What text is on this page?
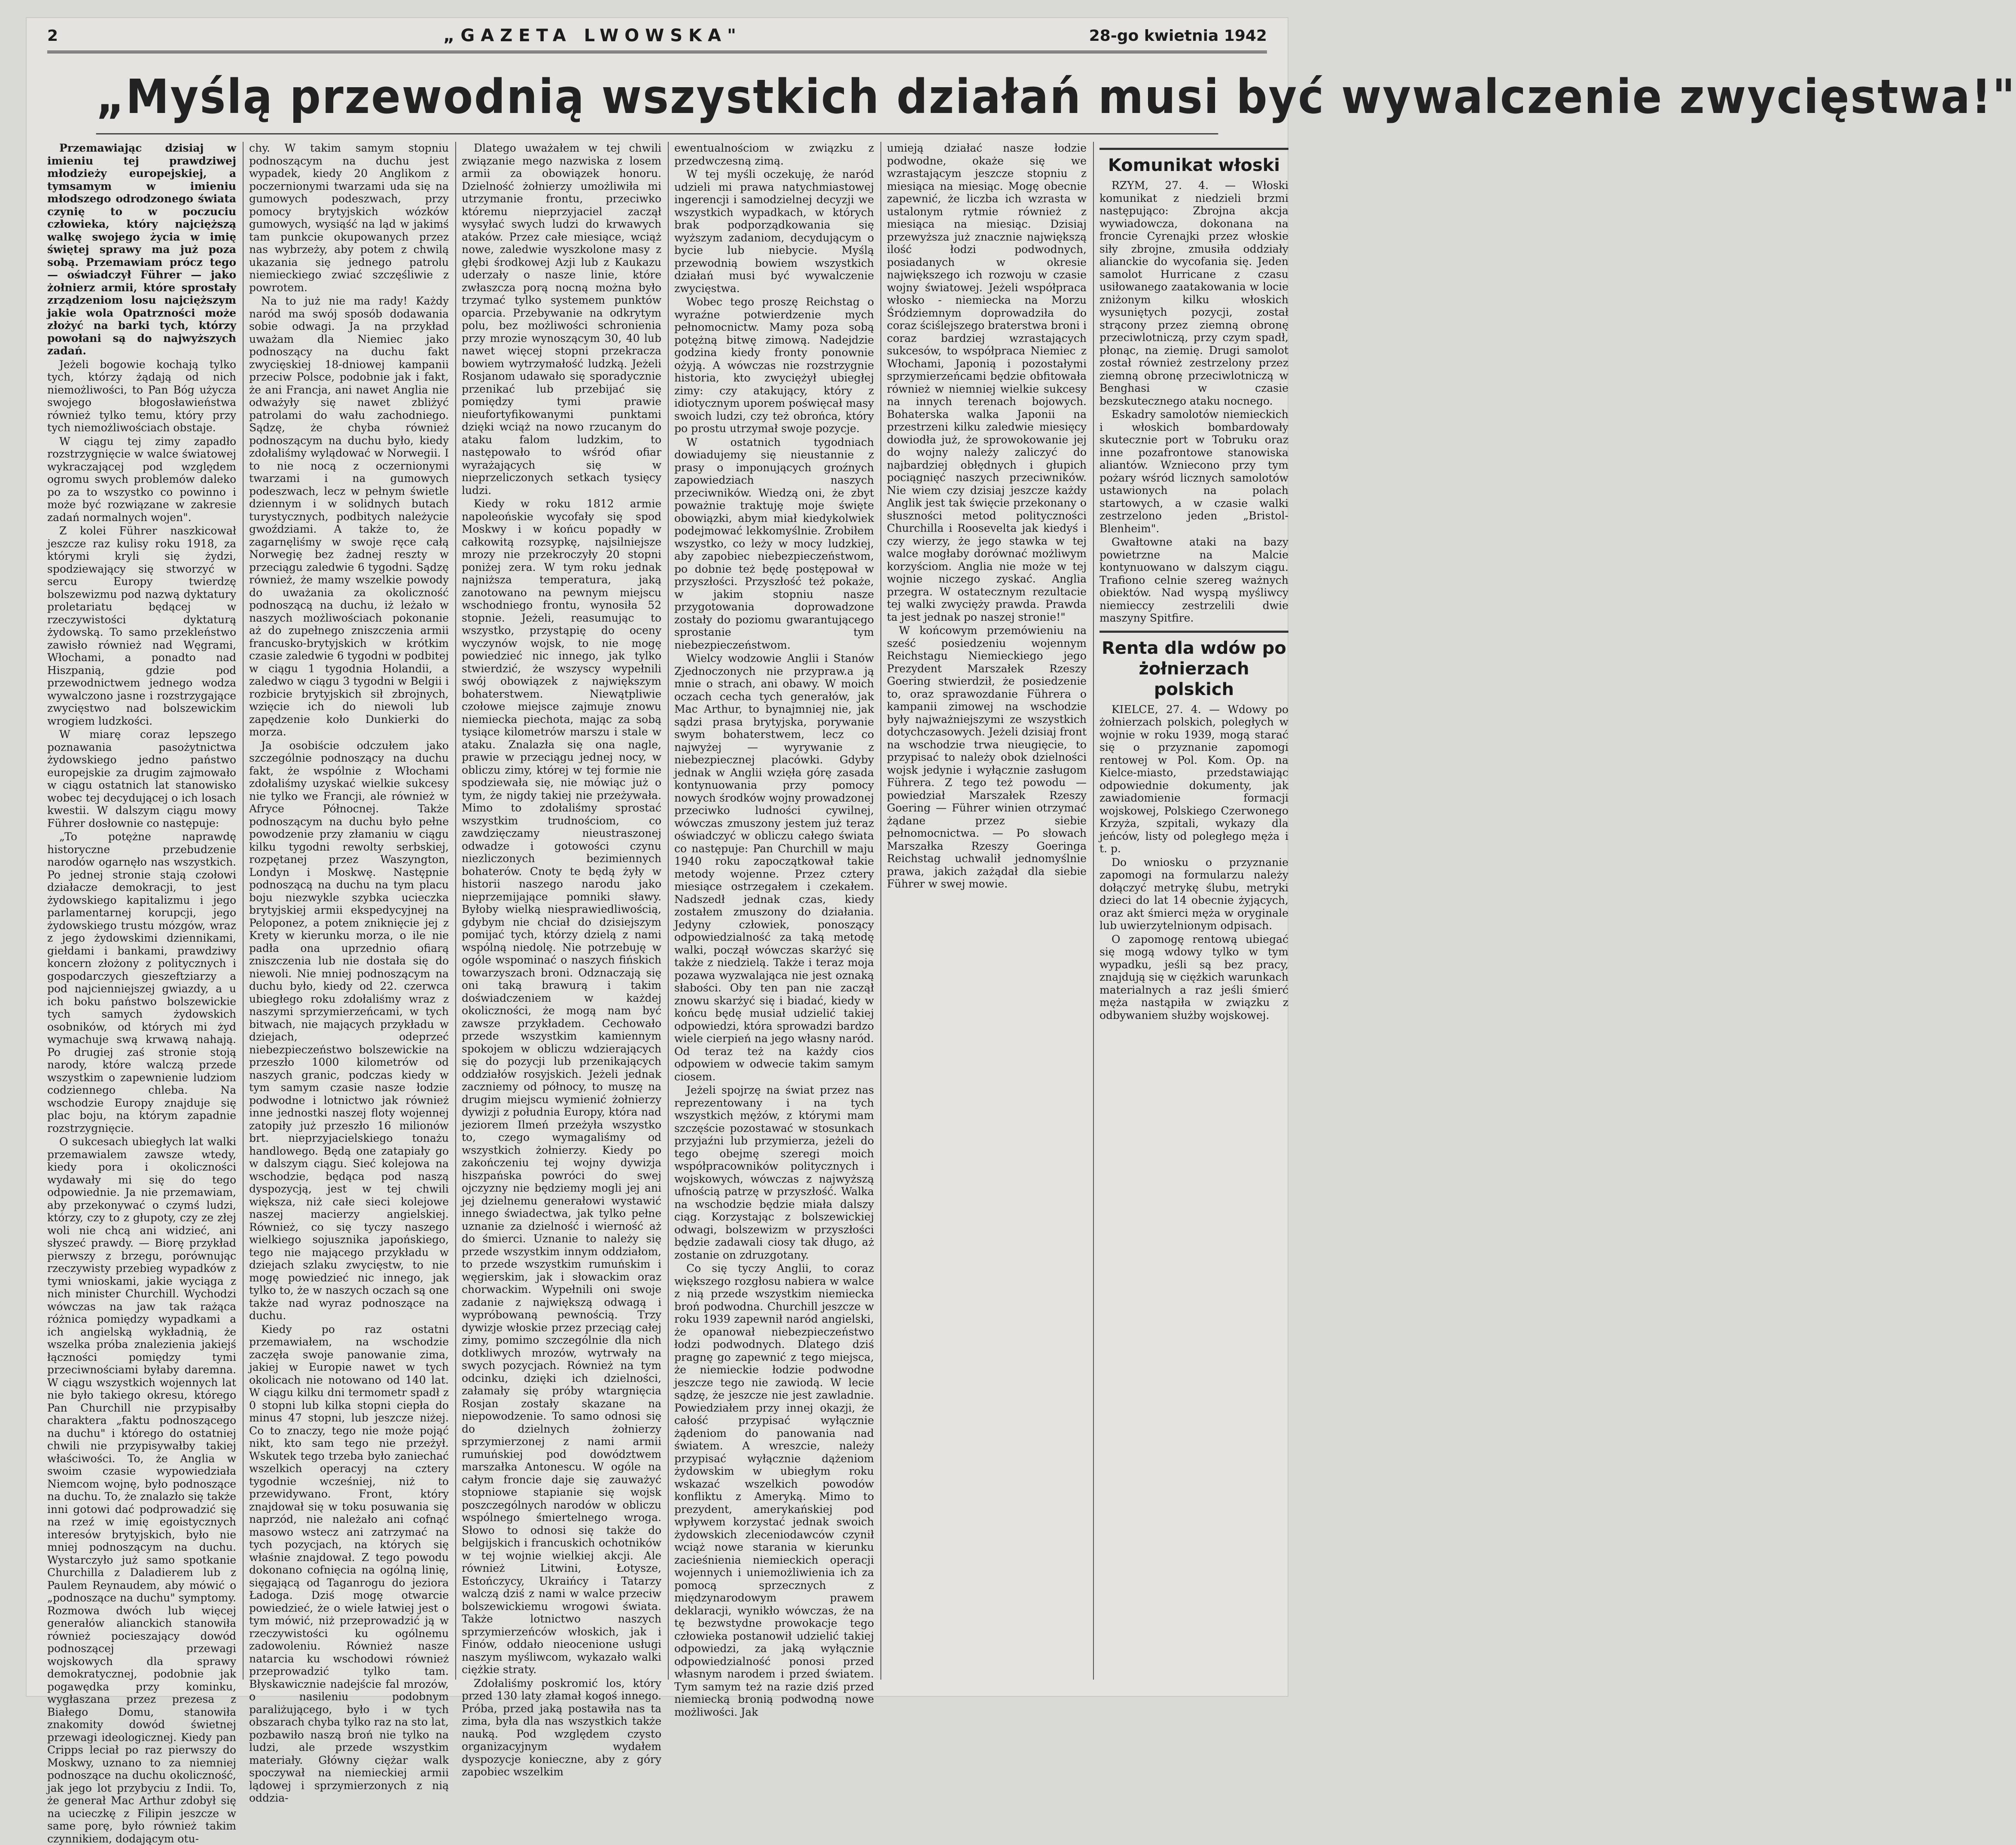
2	„GAZETA LWOWSKA"	28-go kwietnia 1942
„Myślą przewodnią wszystkich działań musi być wywalczenie zwycięstwa!"

Przemawiając dzisiaj w imieniu tej prawdziwej młodzieży europejskiej, a tymsamym w imieniu młodszego odrodzonego świata czynię to w poczuciu człowieka, który najcięższą walkę swojego życia w imię świętej sprawy ma już poza sobą. Przemawiam prócz tego — oświadczył Führer — jako żołnierz armii, które sprostały zrządzeniom losu najcięższym jakie wola Opatrzności może złożyć na barki tych, którzy powołani są do najwyższych zadań.

Jeżeli bogowie kochają tylko tych, którzy żądają od nich niemożliwości, to Pan Bóg użycza swojego błogosławieństwa również tylko temu, który przy tych niemożliwościach obstaje.

W ciągu tej zimy zapadło rozstrzygnięcie w walce światowej wykraczającej pod względem ogromu swych problemów daleko po za to wszystko co powinno i może być rozwiązane w zakresie zadań normalnych wojen".

Z kolei Führer naszkicował jeszcze raz kulisy roku 1918, za którymi kryli się żydzi, spodziewający się stworzyć w sercu Europy twierdzę bolszewizmu pod nazwą dyktatury proletariatu będącej w rzeczywistości dyktaturą żydowską. To samo przekleństwo zawisło również nad Węgrami, Włochami, a ponadto nad Hiszpanią, gdzie pod przewodnictwem jednego wodza wywalczono jasne i rozstrzygające zwycięstwo nad bolszewickim wrogiem ludzkości.

W miarę coraz lepszego poznawania pasożytnictwa żydowskiego jedno państwo europejskie za drugim zajmowało w ciągu ostatnich lat stanowisko wobec tej decydującej o ich losach kwestii. W dalszym ciągu mowy Führer dosłownie co następuje:

„To potężne naprawdę historyczne przebudzenie narodów ogarnęło nas wszystkich. Po jednej stronie stają czołowi działacze demokracji, to jest żydowskiego kapitalizmu i jego parlamentarnej korupcji, jego żydowskiego trustu mózgów, wraz z jego żydowskimi dziennikami, giełdami i bankami, prawdziwy koncern złożony z politycznych i gospodarczych gieszeftziarzy a pod najcienniejszej gwiazdy, a u ich boku państwo bolszewickie tych samych żydowskich osobników, od których mi żyd wymachuje swą krwawą nahają. Po drugiej zaś stronie stoją narody, które walczą przede wszystkim o zapewnienie ludziom codziennego chleba. Na wschodzie Europy znajduje się plac boju, na którym zapadnie rozstrzygnięcie.

O sukcesach ubiegłych lat walki przemawialem zawsze wtedy, kiedy pora i okoliczności wydawały mi się do tego odpowiednie. Ja nie przemawiam, aby przekonywać o czymś ludzi, którzy, czy to z głupoty, czy ze złej woli nie chcą ani widzieć, ani słyszeć prawdy. — Biorę przykład pierwszy z brzegu, porównując rzeczywisty przebieg wypadków z tymi wnioskami, jakie wyciąga z nich minister Churchill. Wychodzi wówczas na jaw tak rażąca różnica pomiędzy wypadkami a ich angielską wykładnią, że wszelka próba znalezienia jakiejś łączności pomiędzy tymi przeciwnościami byłaby daremna. W ciągu wszystkich wojennych lat nie było takiego okresu, którego Pan Churchill nie przypisałby charaktera „faktu podnoszącego na duchu" i którego do ostatniej chwili nie przypisywałby takiej właściwości. To, że Anglia w swoim czasie wypowiedziała Niemcom wojnę, było podnoszące na duchu. To, że znalazło się także inni gotowi dać podprowadzić się na rzeź w imię egoistycznych interesów brytyjskich, było nie mniej podnoszącym na duchu. Wystarczyło już samo spotkanie Churchilla z Daladierem lub z Paulem Reynaudem, aby mówić o „podnoszące na duchu" symptomy. Rozmowa dwóch lub więcej generałów alianckich stanowiła również pocieszający dowód podnoszącej przewagi wojskowych dla sprawy demokratycznej, podobnie jak pogawędka przy kominku, wygłaszana przez prezesa z Białego Domu, stanowiła znakomity dowód świetnej przewagi ideologicznej. Kiedy pan Cripps leciał po raz pierwszy do Moskwy, uznano to za niemniej podnoszące na duchu okoliczność, jak jego lot przybyciu z Indii. To, że generał Mac Arthur zdobył się na ucieczkę z Filipin jeszcze w same porę, było również takim czynnikiem, dodającym otu-

chy. W takim samym stopniu podnoszącym na duchu jest wypadek, kiedy 20 Anglikom z poczernionymi twarzami uda się na gumowych podeszwach, przy pomocy brytyjskich wózków gumowych, wysiąść na ląd w jakimś tam punkcie okupowanych przez nas wybrzeży, aby potem z chwilą ukazania się jednego patrolu niemieckiego zwiać szczęśliwie z powrotem.

Na to już nie ma rady! Każdy naród ma swój sposób dodawania sobie odwagi. Ja na przykład uważam dla Niemiec jako podnoszący na duchu fakt zwycięskiej 18-dniowej kampanii przeciw Polsce, podobnie jak i fakt, że ani Francja, ani nawet Anglia nie odważyły się nawet zbliżyć patrolami do wału zachodniego. Sądzę, że chyba również podnoszącym na duchu było, kiedy zdołaliśmy wylądować w Norwegii. I to nie nocą z oczernionymi twarzami i na gumowych podeszwach, lecz w pełnym świetle dziennym i w solidnych butach turystycznych, podbitych należycie gwoździami. A także to, że zagarnęliśmy w swoje ręce całą Norwegię bez żadnej reszty w przeciągu zaledwie 6 tygodni. Sądzę również, że mamy wszelkie powody do uważania za okoliczność podnoszącą na duchu, iż leżało w naszych możliwościach pokonanie aż do zupełnego zniszczenia armii francusko-brytyjskich w krótkim czasie zaledwie 6 tygodni w podbitej w ciągu 1 tygodnia Holandii, a zaledwo w ciągu 3 tygodni w Belgii i rozbicie brytyjskich sił zbrojnych, wzięcie ich do niewoli lub zapędzenie koło Dunkierki do morza.

Ja osobiście odczułem jako szczególnie podnoszący na duchu fakt, że wspólnie z Włochami zdołaliśmy uzyskać wielkie sukcesy nie tylko we Francji, ale również w Afryce Północnej. Także podnoszącym na duchu było pełne powodzenie przy złamaniu w ciągu kilku tygodni rewolty serbskiej, rozpętanej przez Waszyngton, Londyn i Moskwę. Następnie podnoszącą na duchu na tym placu boju niezwykle szybka ucieczka brytyjskiej armii ekspedycyjnej na Peloponez, a potem zniknięcie jej z Krety w kierunku morza, o ile nie padła ona uprzednio ofiarą zniszczenia lub nie dostała się do niewoli. Nie mniej podnoszącym na duchu było, kiedy od 22. czerwca ubiegłego roku zdołaliśmy wraz z naszymi sprzymierzeńcami, w tych bitwach, nie mających przykładu w dziejach, odeprzeć niebezpieczeństwo bolszewickie na przeszło 1000 kilometrów od naszych granic, podczas kiedy w tym samym czasie nasze łodzie podwodne i lotnictwo jak również inne jednostki naszej floty wojennej zatopiły już przeszło 16 milionów brt. nieprzyjacielskiego tonażu handlowego. Będą one zatapiały go w dalszym ciągu. Sieć kolejowa na wschodzie, będąca pod naszą dyspozycją, jest w tej chwili większa, niż całe sieci kolejowe naszej macierzy angielskiej. Również, co się tyczy naszego wielkiego sojusznika japońskiego, tego nie mającego przykładu w dziejach szlaku zwycięstw, to nie mogę powiedzieć nic innego, jak tylko to, że w naszych oczach są one także nad wyraz podnoszące na duchu.

Kiedy po raz ostatni przemawiałem, na wschodzie zaczęła swoje panowanie zima, jakiej w Europie nawet w tych okolicach nie notowano od 140 lat. W ciągu kilku dni termometr spadł z 0 stopni lub kilka stopni ciepła do minus 47 stopni, lub jeszcze niżej. Co to znaczy, tego nie może pojąć nikt, kto sam tego nie przeżył. Wskutek tego trzeba było zaniechać wszelkich operacyj na cztery tygodnie wcześniej, niż to przewidywano. Front, który znajdował się w toku posuwania się naprzód, nie należało ani cofnąć masowo wstecz ani zatrzymać na tych pozycjach, na których się właśnie znajdował. Z tego powodu dokonano cofnięcia na ogólną linię, sięgającą od Taganrogu do jeziora Ładoga. Dziś mogę otwarcie powiedzieć, że o wiele łatwiej jest o tym mówić, niż przeprowadzić ją w rzeczywistości ku ogólnemu zadowoleniu. Również nasze natarcia ku wschodowi również przeprowadzić tylko tam. Błyskawicznie nadejście fal mrozów, o nasileniu podobnym paraliżującego, było i w tych obszarach chyba tylko raz na sto lat, pozbawiło naszą broń nie tylko na ludzi, ale przede wszystkim materiały. Główny ciężar walk spoczywał na niemieckiej armii lądowej i sprzymierzonych z nią oddzia-

Dlatego uważałem w tej chwili związanie mego nazwiska z losem armii za obowiązek honoru. Dzielność żołnierzy umożliwiła mi utrzymanie frontu, przeciwko któremu nieprzyjaciel zaczął wysyłać swych ludzi do krwawych ataków. Przez całe miesiące, wciąż nowe, zaledwie wyszkolone masy z głębi środkowej Azji lub z Kaukazu uderzały o nasze linie, które zwłaszcza porą nocną można było trzymać tylko systemem punktów oparcia. Przebywanie na odkrytym polu, bez możliwości schronienia przy mrozie wynoszącym 30, 40 lub nawet więcej stopni przekracza bowiem wytrzymałość ludzką. Jeżeli Rosjanom udawało się sporadycznie przenikać lub przebijać się pomiędzy tymi prawie nieufortyfikowanymi punktami dzięki wciąż na nowo rzucanym do ataku falom ludzkim, to następowało to wśród ofiar wyrażających się w nieprzeliczonych setkach tysięcy ludzi.

Kiedy w roku 1812 armie napoleońskie wycofały się spod Moskwy i w końcu popadły w całkowitą rozsypkę, najsilniejsze mrozy nie przekroczyły 20 stopni poniżej zera. W tym roku jednak najniższa temperatura, jaką zanotowano na pewnym miejscu wschodniego frontu, wynosiła 52 stopnie. Jeżeli, reasumując to wszystko, przystąpię do oceny wyczynów wojsk, to nie mogę powiedzieć nic innego, jak tylko stwierdzić, że wszyscy wypełnili swój obowiązek z największym bohaterstwem. Niewątpliwie czołowe miejsce zajmuje znowu niemiecka piechota, mając za sobą tysiące kilometrów marszu i stale w ataku. Znalazła się ona nagle, prawie w przeciągu jednej nocy, w obliczu zimy, której w tej formie nie spodziewała się, nie mówiąc już o tym, że nigdy takiej nie przeżywała. Mimo to zdołaliśmy sprostać wszystkim trudnościom, co zawdzięczamy nieustraszonej odwadze i gotowości czynu niezliczonych bezimiennych bohaterów. Cnoty te będą żyły w historii naszego narodu jako nieprzemijające pomniki sławy. Byłoby wielką niesprawiedliwością, gdybym nie chciał do dzisiejszym pomijać tych, którzy dzielą z nami wspólną niedolę. Nie potrzebuję w ogóle wspominać o naszych fińskich towarzyszach broni. Odznaczają się oni taką brawurą i takim doświadczeniem w każdej okoliczności, że mogą nam być zawsze przykładem. Cechowało przede wszystkim kamiennym spokojem w obliczu wdzierających się do pozycji lub przenikających oddziałów rosyjskich. Jeżeli jednak zaczniemy od północy, to muszę na drugim miejscu wymienić żołnierzy dywizji z południa Europy, która nad jeziorem Ilmeń przeżyła wszystko to, czego wymagaliśmy od wszystkich żołnierzy. Kiedy po zakończeniu tej wojny dywizja hiszpańska powróci do swej ojczyzny nie będziemy mogli jej ani jej dzielnemu generałowi wystawić innego świadectwa, jak tylko pełne uznanie za dzielność i wierność aż do śmierci. Uznanie to należy się przede wszystkim innym oddziałom, to przede wszystkim rumuńskim i węgierskim, jak i słowackim oraz chorwackim. Wypełnili oni swoje zadanie z największą odwagą i wypróbowaną pewnością. Trzy dywizje włoskie przez przeciąg całej zimy, pomimo szczególnie dla nich dotkliwych mrozów, wytrwały na swych pozycjach. Również na tym odcinku, dzięki ich dzielności, załamały się próby wtargnięcia Rosjan zostały skazane na niepowodzenie. To samo odnosi się do dzielnych żołnierzy sprzymierzonej z nami armii rumuńskiej pod dowództwem marszałka Antonescu. W ogóle na całym froncie daje się zauważyć stopniowe stapianie się wojsk poszczególnych narodów w obliczu wspólnego śmiertelnego wroga. Słowo to odnosi się także do belgijskich i francuskich ochotników w tej wojnie wielkiej akcji. Ale również Litwini, Łotysze, Estończycy, Ukraińcy i Tatarzy walczą dziś z nami w walce przeciw bolszewickiemu wrogowi świata. Także lotnictwo naszych sprzymierzeńców włoskich, jak i Finów, oddało nieocenione usługi naszym myśliwcom, wykazało walki ciężkie straty.

Zdołaliśmy poskromić los, który przed 130 laty złamał kogoś innego. Próba, przed jaką postawiła nas ta zima, była dla nas wszystkich także nauką. Pod względem czysto organizacyjnym wydałem dyspozycje konieczne, aby z góry zapobiec wszelkim

ewentualnościom w związku z przedwczesną zimą.

W tej myśli oczekuję, że naród udzieli mi prawa natychmiastowej ingerencji i samodzielnej decyzji we wszystkich wypadkach, w których brak podporządkowania się wyższym zadaniom, decydującym o bycie lub niebycie. Myślą przewodnią bowiem wszystkich działań musi być wywalczenie zwycięstwa.

Wobec tego proszę Reichstag o wyraźne potwierdzenie mych pełnomocnictw. Mamy poza sobą potężną bitwę zimową. Nadejdzie godzina kiedy fronty ponownie ożyją. A wówczas nie rozstrzygnie historia, kto zwyciężył ubiegłej zimy: czy atakujący, który z idiotycznym uporem poświęcał masy swoich ludzi, czy też obrońca, który po prostu utrzymał swoje pozycje.

W ostatnich tygodniach dowiadujemy się nieustannie z prasy o imponujących groźnych zapowiedziach naszych przeciwników. Wiedzą oni, że zbyt poważnie traktuję moje święte obowiązki, abym miał kiedykolwiek podejmować lekkomyślnie. Zrobiłem wszystko, co leży w mocy ludzkiej, aby zapobiec niebezpieczeństwom, po dobnie też będę postępował w przyszłości. Przyszłość też pokaże, w jakim stopniu nasze przygotowania doprowadzone zostały do poziomu gwarantującego sprostanie tym niebezpieczeństwom.

Wielcy wodzowie Anglii i Stanów Zjednoczonych nie przypraw.a ją mnie o strach, ani obawy. W moich oczach cecha tych generałów, jak Mac Arthur, to bynajmniej nie, jak sądzi prasa brytyjska, porywanie swym bohaterstwem, lecz co najwyżej — wyrywanie z niebezpiecznej placówki. Gdyby jednak w Anglii wzięła górę zasada kontynuowania przy pomocy nowych środków wojny prowadzonej przeciwko ludności cywilnej, wówczas zmuszony jestem już teraz oświadczyć w obliczu całego świata co następuje: Pan Churchill w maju 1940 roku zapoczątkował takie metody wojenne. Przez cztery miesiące ostrzegałem i czekałem. Nadszedł jednak czas, kiedy zostałem zmuszony do działania. Jedyny człowiek, ponoszący odpowiedzialność za taką metodę walki, począł wówczas skarżyć się także z niedzielą. Także i teraz moja pozawa wyzwalająca nie jest oznaką słabości. Oby ten pan nie zaczął znowu skarżyć się i biadać, kiedy w końcu będę musiał udzielić takiej odpowiedzi, która sprowadzi bardzo wiele cierpień na jego własny naród. Od teraz też na każdy cios odpowiem w odwecie takim samym ciosem.

Jeżeli spojrzę na świat przez nas reprezentowany i na tych wszystkich mężów, z którymi mam szczęście pozostawać w stosunkach przyjaźni lub przymierza, jeżeli do tego obejmę szeregi moich współpracowników politycznych i wojskowych, wówczas z najwyższą ufnością patrzę w przyszłość. Walka na wschodzie będzie miała dalszy ciąg. Korzystając z bolszewickiej odwagi, bolszewizm w przyszłości będzie zadawali ciosy tak długo, aż zostanie on zdruzgotany.

Co się tyczy Anglii, to coraz większego rozgłosu nabiera w walce z nią przede wszystkim niemiecka broń podwodna. Churchill jeszcze w roku 1939 zapewnił naród angielski, że opanował niebezpieczeństwo łodzi podwodnych. Dlatego dziś pragnę go zapewnić z tego miejsca, że niemieckie łodzie podwodne jeszcze tego nie zawiodą. W lecie sądzę, że jeszcze nie jest zawladnie. Powiedziałem przy innej okazji, że całość przypisać wyłącznie żądeniom do panowania nad światem. A wreszcie, należy przypisać wyłącznie dążeniom żydowskim w ubiegłym roku wskazać wszelkich powodów konfliktu z Ameryką. Mimo to prezydent, amerykańskiej pod wpływem korzystać jednak swoich żydowskich zleceniodawców czynił wciąż nowe starania w kierunku zacieśnienia niemieckich operacji wojennych i uniemożliwienia ich za pomocą sprzecznych z międzynarodowym prawem deklaracji, wynikło wówczas, że na tę bezwstydne prowokacje tego człowieka postanowił udzielić takiej odpowiedzi, za jaką wyłącznie odpowiedzialność ponosi przed własnym narodem i przed światem. Tym samym też na razie dziś przed niemiecką bronią podwodną nowe możliwości. Jak

umieją działać nasze łodzie podwodne, okaże się we wzrastającym jeszcze stopniu z miesiąca na miesiąc. Mogę obecnie zapewnić, że liczba ich wzrasta w ustalonym rytmie również z miesiąca na miesiąc. Dzisiaj przewyższa już znacznie największą ilość łodzi podwodnych, posiadanych w okresie największego ich rozwoju w czasie wojny światowej. Jeżeli współpraca włosko - niemiecka na Morzu Śródziemnym doprowadziła do coraz ściślejszego braterstwa broni i coraz bardziej wzrastających sukcesów, to współpraca Niemiec z Włochami, Japonią i pozostałymi sprzymierzeńcami będzie obfitowała również w niemniej wielkie sukcesy na innych terenach bojowych. Bohaterska walka Japonii na przestrzeni kilku zaledwie miesięcy dowiodła już, że sprowokowanie jej do wojny należy zaliczyć do najbardziej obłędnych i głupich pociągnięć naszych przeciwników. Nie wiem czy dzisiaj jeszcze każdy Anglik jest tak święcie przekonany o słuszności metod polityczności Churchilla i Roosevelta jak kiedyś i czy wierzy, że jego stawka w tej walce mogłaby dorównać możliwym korzyściom. Anglia nie może w tej wojnie niczego zyskać. Anglia przegra. W ostatecznym rezultacie tej walki zwycięży prawda. Prawda ta jest jednak po naszej stronie!"

W końcowym przemówieniu na sześć posiedzeniu wojennym Reichstagu Niemieckiego jego Prezydent Marszałek Rzeszy Goering stwierdził, że posiedzenie to, oraz sprawozdanie Führera o kampanii zimowej na wschodzie były najważniejszymi ze wszystkich dotychczasowych. Jeżeli dzisiaj front na wschodzie trwa nieugięcie, to przypisać to należy obok dzielności wojsk jedynie i wyłącznie zasługom Führera. Z tego też powodu — powiedział Marszałek Rzeszy Goering — Führer winien otrzymać żądane przez siebie pełnomocnictwa. — Po słowach Marszałka Rzeszy Goeringa Reichstag uchwalił jednomyślnie prawa, jakich zażądał dla siebie Führer w swej mowie.

Komunikat włoski

RZYM, 27. 4. — Włoski komunikat z niedzieli brzmi następująco: Zbrojna akcja wywiadowcza, dokonana na froncie Cyrenajki przez włoskie siły zbrojne, zmusiła oddziały alianckie do wycofania się. Jeden samolot Hurricane z czasu usiłowanego zaatakowania w locie zniżonym kilku włoskich wysuniętych pozycji, został strącony przez ziemną obronę przeciwlotniczą, przy czym spadł, płonąc, na ziemię. Drugi samolot został również zestrzelony przez ziemną obronę przeciwlotniczą w Benghasi w czasie bezskutecznego ataku nocnego.

Eskadry samolotów niemieckich i włoskich bombardowały skutecznie port w Tobruku oraz inne pozafrontowe stanowiska aliantów. Wzniecono przy tym pożary wśród licznych samolotów ustawionych na polach startowych, a w czasie walki zestrzelono jeden „Bristol-Blenheim".

Gwałtowne ataki na bazy powietrzne na Malcie kontynuowano w dalszym ciągu. Trafiono celnie szereg ważnych obiektów. Nad wyspą myśliwcy niemieccy zestrzelili dwie maszyny Spitfire.

Renta dla wdów po żołnierzach polskich

KIELCE, 27. 4. — Wdowy po żołnierzach polskich, poległych w wojnie w roku 1939, mogą starać się o przyznanie zapomogi rentowej w Pol. Kom. Op. na Kielce-miasto, przedstawiając odpowiednie dokumenty, jak zawiadomienie formacji wojskowej, Polskiego Czerwonego Krzyża, szpitali, wykazy dla jeńców, listy od poległego męża i t. p.

Do wniosku o przyznanie zapomogi na formularzu należy dołączyć metrykę ślubu, metryki dzieci do lat 14 obecnie żyjących, oraz akt śmierci męża w oryginale lub uwierzytelnionym odpisach.

O zapomogę rentową ubiegać się mogą wdowy tylko w tym wypadku, jeśli są bez pracy, znajdują się w ciężkich warunkach materialnych a raz jeśli śmierć męża nastąpiła w związku z odbywaniem służby wojskowej.
